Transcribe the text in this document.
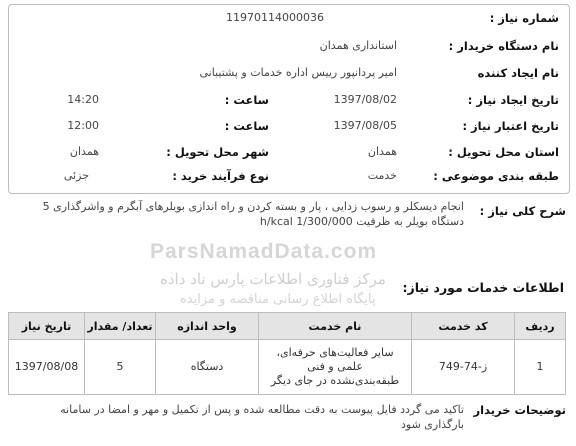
شماره نیاز :
11970114000036
نام دستگاه خریدار :
استانداری همدان
نام ایجاد کننده
امیر پردانپور رییس اداره خدمات و پشتیبانی
تاریخ ایجاد نیاز :
1397/08/02
ساعت :
14:20
تاریخ اعتبار نیاز :
1397/08/05
ساعت :
12:00
استان محل تحویل :
همدان
شهر محل تحویل :
همدان
طبقه بندی موضوعی :
خدمت
نوع فرآیند خرید :
جزئی
شرح کلی نیاز :
انجام دیسکلر و رسوب زدایی ، پار و بسته کردن و راه اندازی بویلرهای آبگرم و واشرگذاری 5
دستگاه بویلر به ظرفیت 1/300/000 h/kcal
ParsNamadData.com
مرکز فناوری اطلاعات پارس ناد داده
پایگاه اطلاع رسانی مناقصه و مزایده
اطلاعات خدمات مورد نیاز:
ردیف	کد خدمت	نام خدمت	واحد اندازه	تعداد/ مقدار	تاریخ نیاز
1	ز-74-749	سایر فعالیت‌های حرفه‌ای،
علمی و فنی
طبقه‌بندی‌نشده در جای دیگر	دستگاه	5	1397/08/08
توضیحات خریدار
تاکید می گردد فایل پیوست به دقت مطالعه شده و پس از تکمیل و مهر و امضا در سامانه
بارگذاری شود
